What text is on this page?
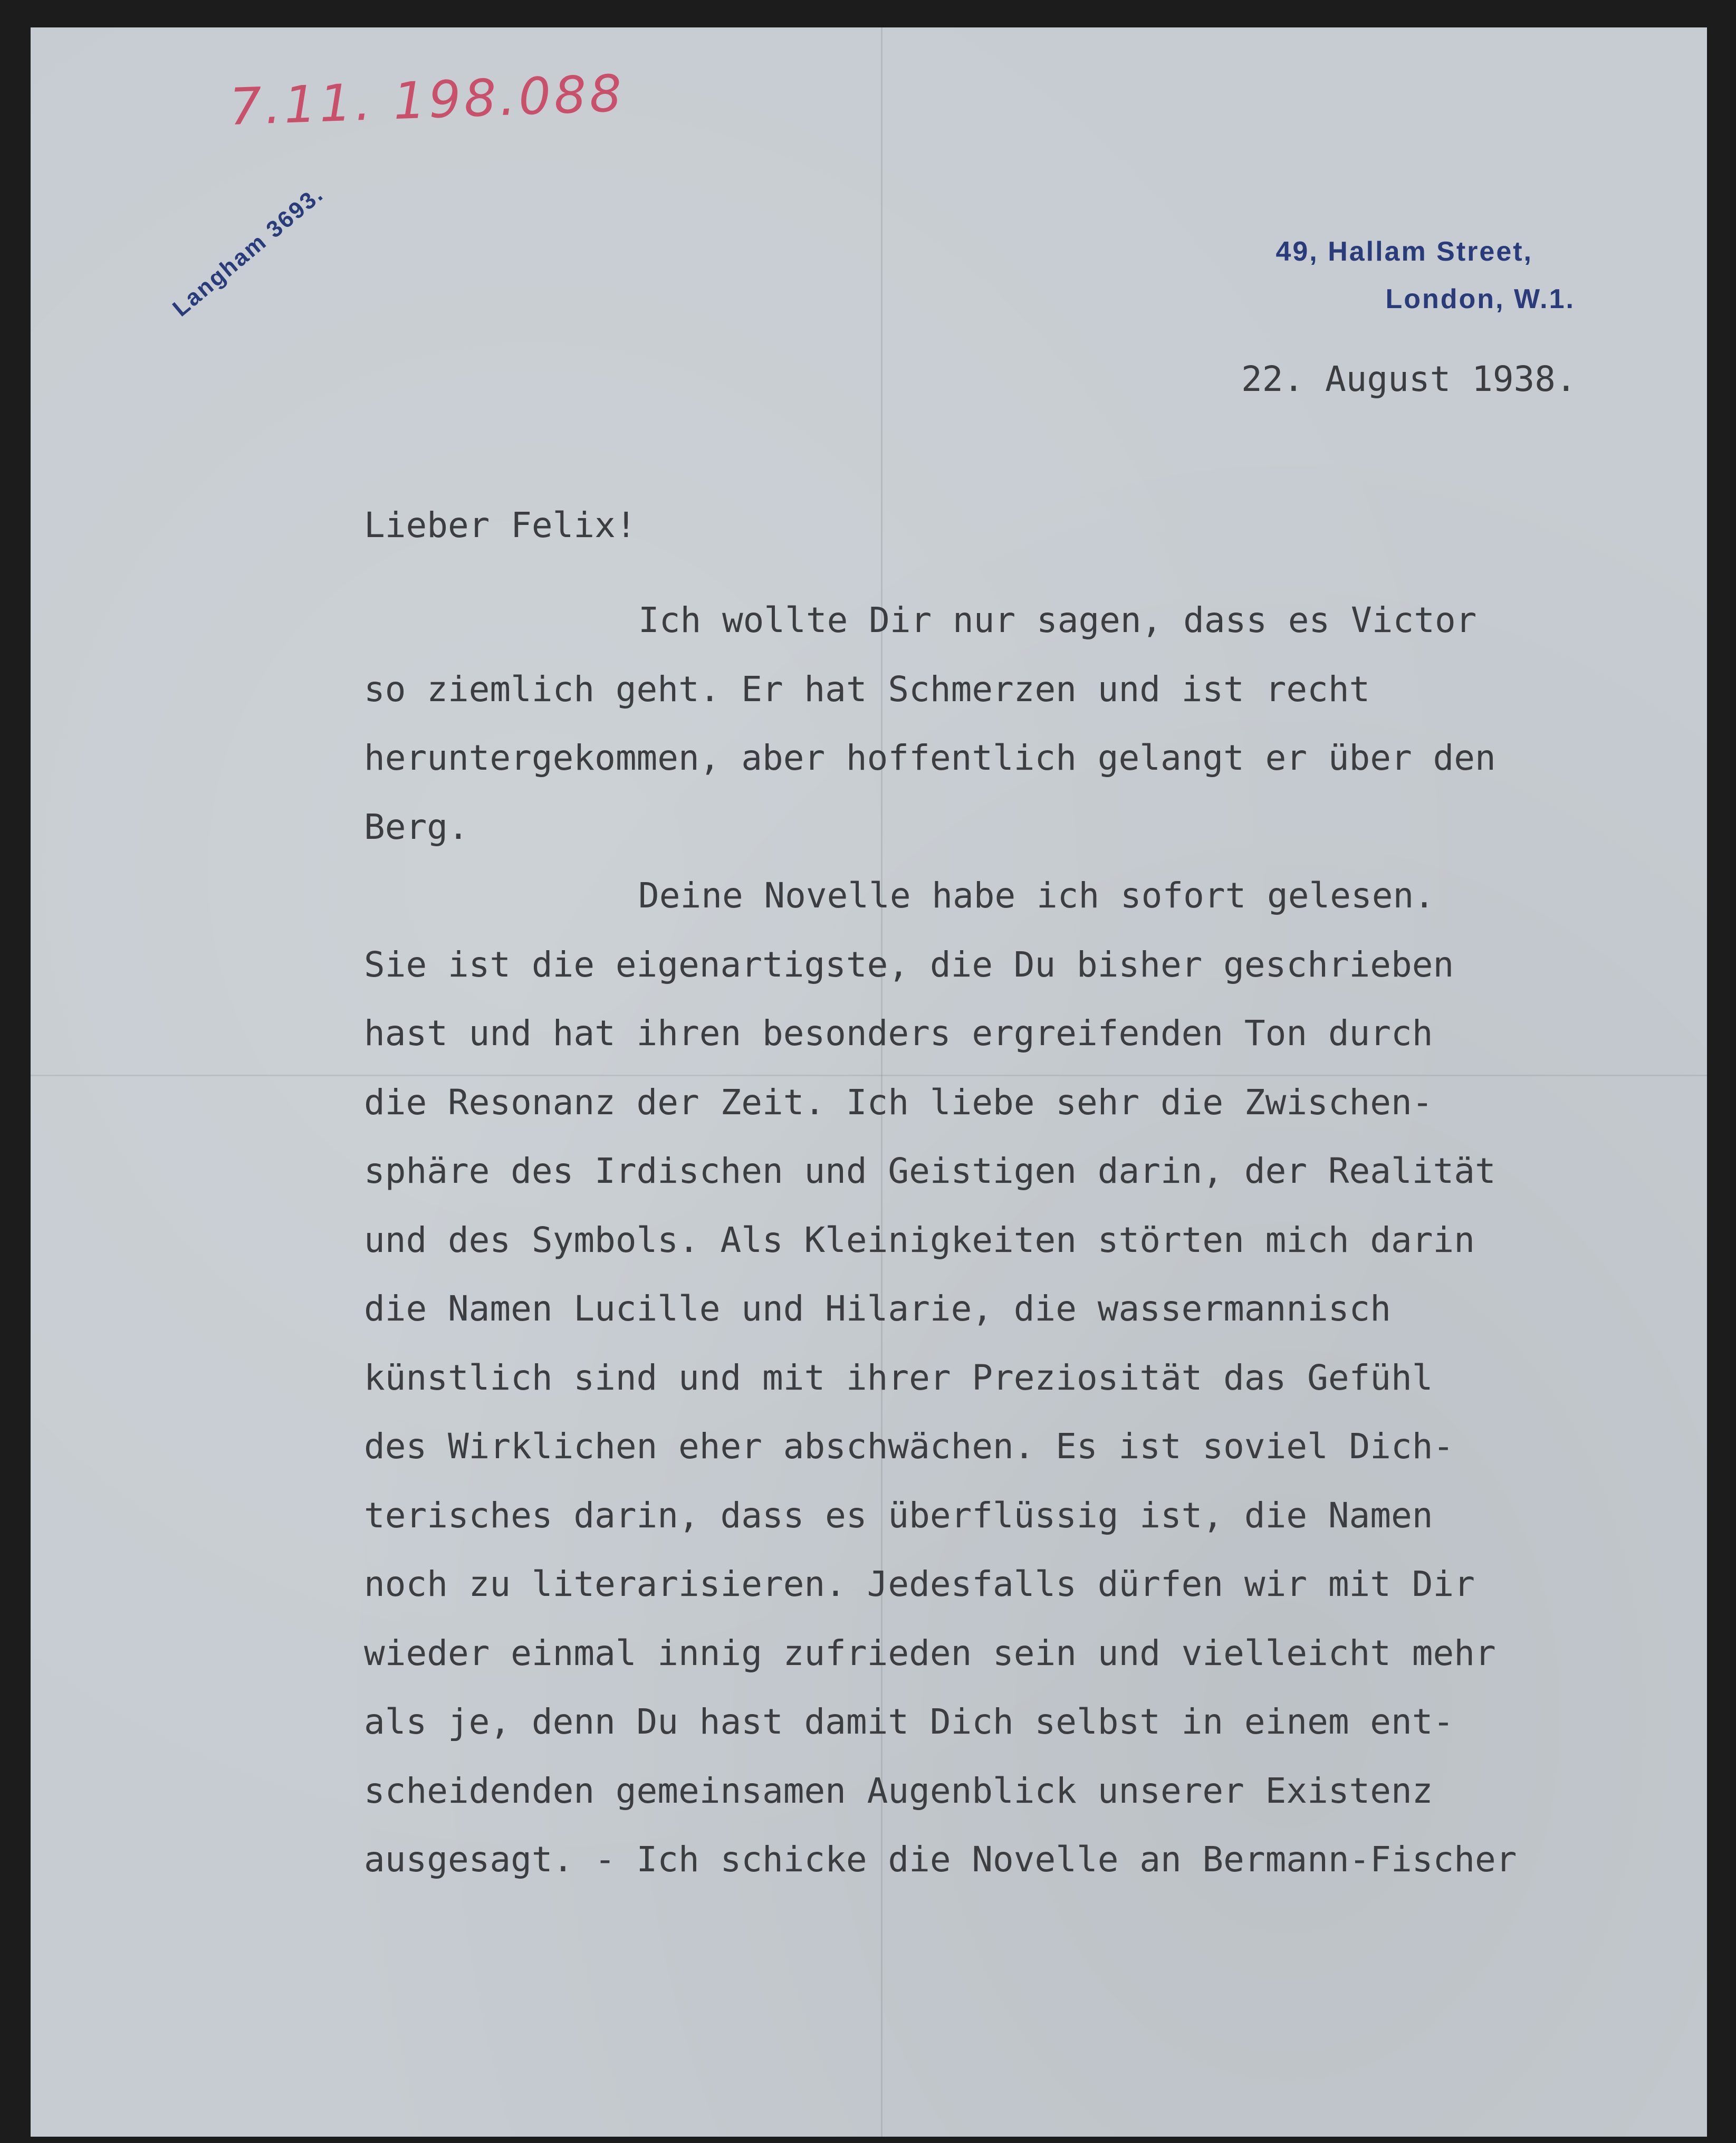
7.11. 198.088
Langham 3693.	49, Hallam Street,
London, W.1.
22. August 1938.
Lieber Felix!
Ich wollte Dir nur sagen, dass es Victor
so ziemlich geht. Er hat Schmerzen und ist recht
heruntergekommen, aber hoffentlich gelangt er über den
Berg.
Deine Novelle habe ich sofort gelesen.
Sie ist die eigenartigste, die Du bisher geschrieben
hast und hat ihren besonders ergreifenden Ton durch
die Resonanz der Zeit. Ich liebe sehr die Zwischen-
sphäre des Irdischen und Geistigen darin, der Realität
und des Symbols. Als Kleinigkeiten störten mich darin
die Namen Lucille und Hilarie, die wassermannisch
künstlich sind und mit ihrer Preziosität das Gefühl
des Wirklichen eher abschwächen. Es ist soviel Dich-
terisches darin, dass es überflüssig ist, die Namen
noch zu literarisieren. Jedesfalls dürfen wir mit Dir
wieder einmal innig zufrieden sein und vielleicht mehr
als je, denn Du hast damit Dich selbst in einem ent-
scheidenden gemeinsamen Augenblick unserer Existenz
ausgesagt. - Ich schicke die Novelle an Bermann-Fischer
